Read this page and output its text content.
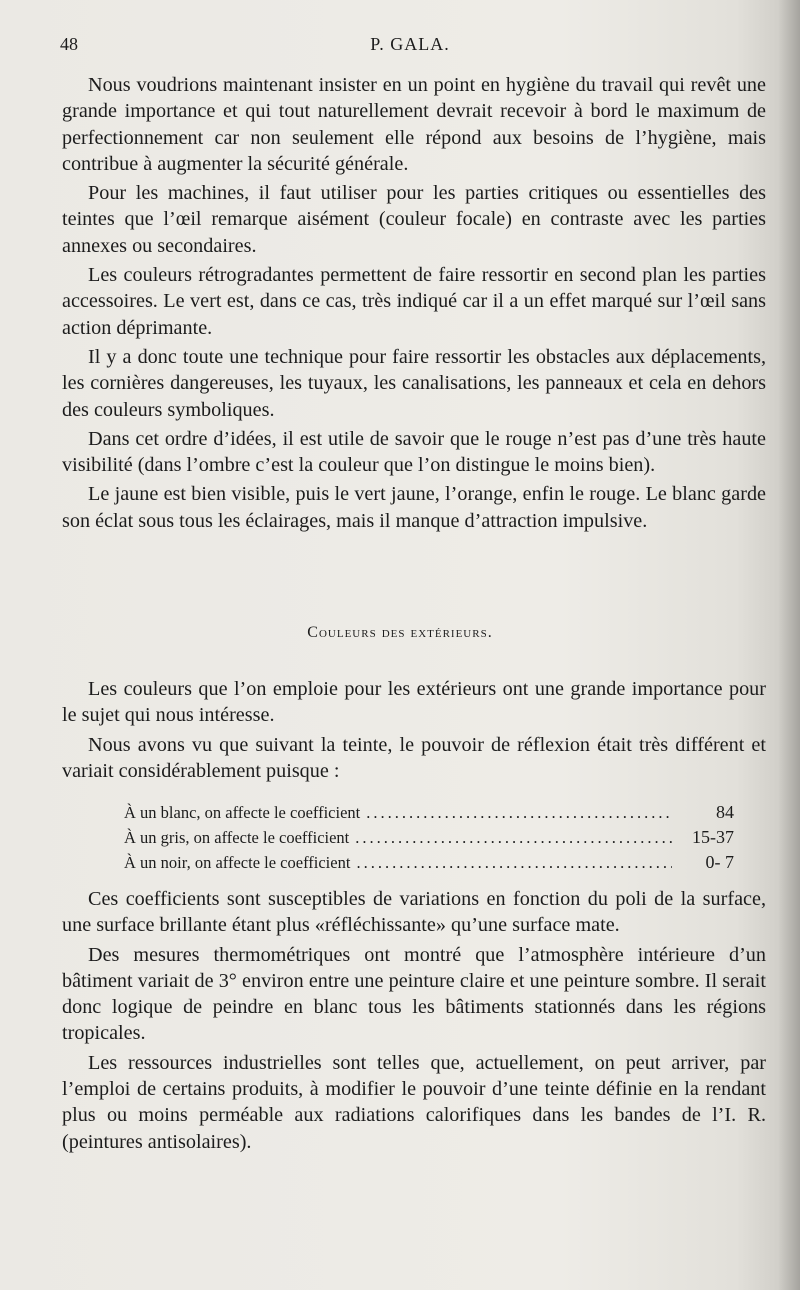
48	P. GALA.

Nous voudrions maintenant insister en un point en hygiène du travail qui revêt une grande importance et qui tout naturellement devrait recevoir à bord le maximum de perfectionnement car non seulement elle répond aux besoins de l’hygiène, mais contribue à augmenter la sécurité générale.

Pour les machines, il faut utiliser pour les parties critiques ou essentielles des teintes que l’œil remarque aisément (couleur focale) en contraste avec les parties annexes ou secondaires.

Les couleurs rétrogradantes permettent de faire ressortir en second plan les parties accessoires. Le vert est, dans ce cas, très indiqué car il a un effet marqué sur l’œil sans action déprimante.

Il y a donc toute une technique pour faire ressortir les obstacles aux déplacements, les cornières dangereuses, les tuyaux, les canalisations, les panneaux et cela en dehors des couleurs symboliques.

Dans cet ordre d’idées, il est utile de savoir que le rouge n’est pas d’une très haute visibilité (dans l’ombre c’est la couleur que l’on distingue le moins bien).

Le jaune est bien visible, puis le vert jaune, l’orange, enfin le rouge. Le blanc garde son éclat sous tous les éclairages, mais il manque d’attraction impulsive.

Couleurs des extérieurs.

Les couleurs que l’on emploie pour les extérieurs ont une grande importance pour le sujet qui nous intéresse.

Nous avons vu que suivant la teinte, le pouvoir de réflexion était très différent et variait considérablement puisque :

À un blanc, on affecte le coefficient .....	84
À un gris, on affecte le coefficient .....	15-37
À un noir, on affecte le coefficient .....	0- 7

Ces coefficients sont susceptibles de variations en fonction du poli de la surface, une surface brillante étant plus «réfléchissante» qu’une surface mate.

Des mesures thermométriques ont montré que l’atmosphère intérieure d’un bâtiment variait de 3° environ entre une peinture claire et une peinture sombre. Il serait donc logique de peindre en blanc tous les bâtiments stationnés dans les régions tropicales.

Les ressources industrielles sont telles que, actuellement, on peut arriver, par l’emploi de certains produits, à modifier le pouvoir d’une teinte définie en la rendant plus ou moins perméable aux radiations calorifiques dans les bandes de l’I. R. (peintures antisolaires).
